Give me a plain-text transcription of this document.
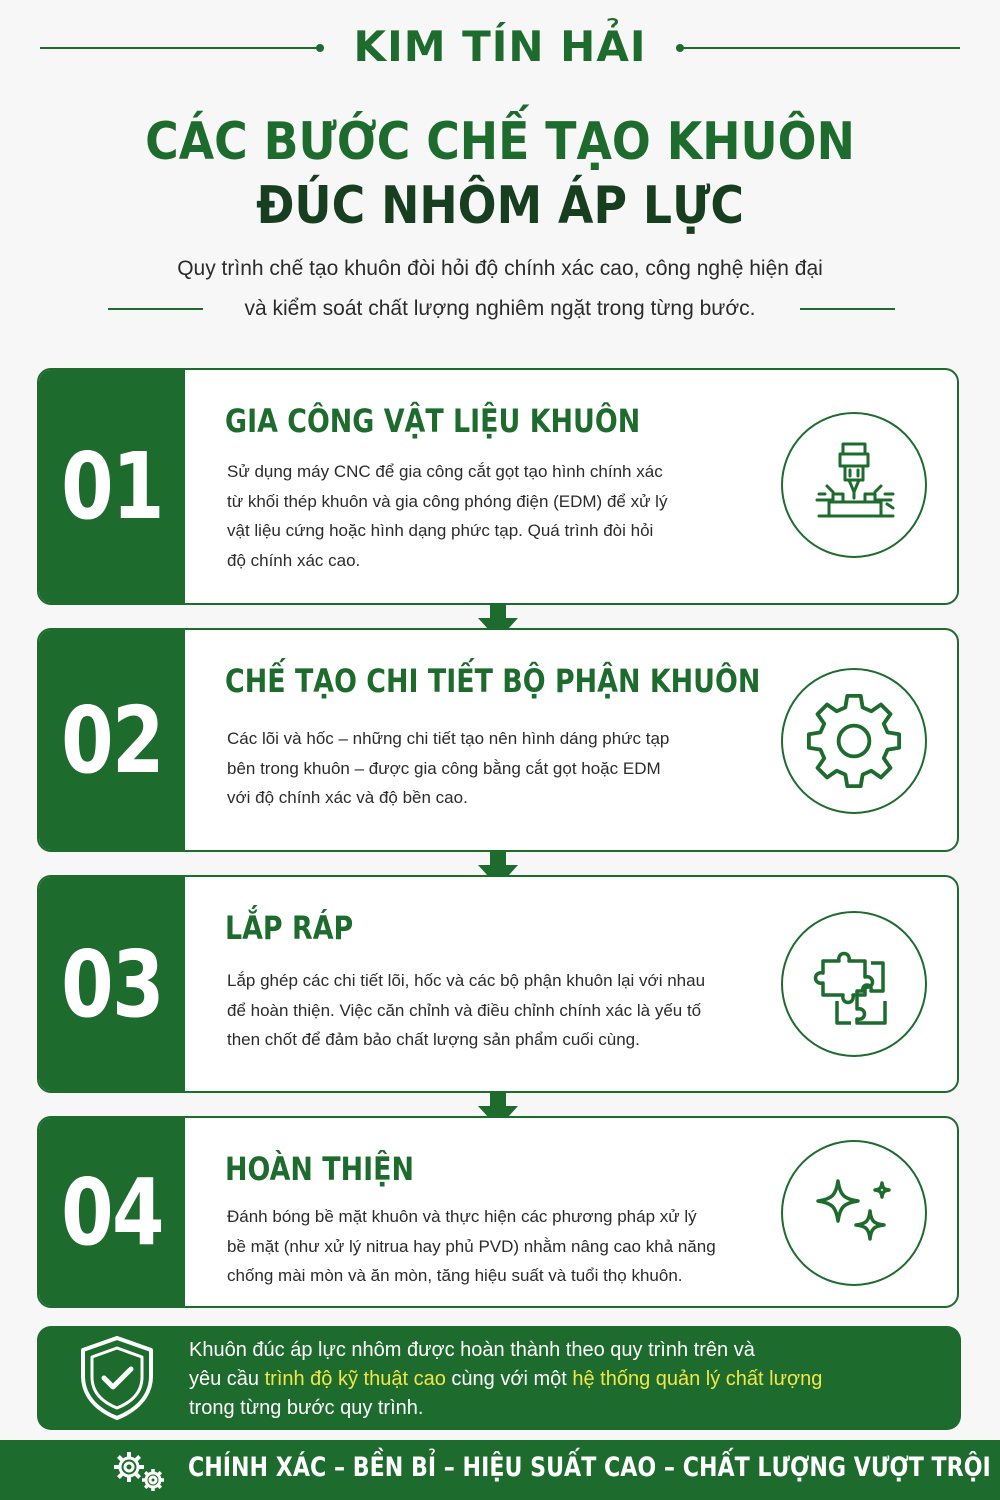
KIM TÍN HẢI
CÁC BƯỚC CHẾ TẠO KHUÔN
ĐÚC NHÔM ÁP LỰC
Quy trình chế tạo khuôn đòi hỏi độ chính xác cao, công nghệ hiện đại
và kiểm soát chất lượng nghiêm ngặt trong từng bước.
01
GIA CÔNG VẬT LIỆU KHUÔN
Sử dụng máy CNC để gia công cắt gọt tạo hình chính xác
từ khối thép khuôn và gia công phóng điện (EDM) để xử lý
vật liệu cứng hoặc hình dạng phức tạp. Quá trình đòi hỏi
độ chính xác cao.
02
CHẾ TẠO CHI TIẾT BỘ PHẬN KHUÔN
Các lõi và hốc – những chi tiết tạo nên hình dáng phức tạp
bên trong khuôn – được gia công bằng cắt gọt hoặc EDM
với độ chính xác và độ bền cao.
03
LẮP RÁP
Lắp ghép các chi tiết lõi, hốc và các bộ phận khuôn lại với nhau
để hoàn thiện. Việc căn chỉnh và điều chỉnh chính xác là yếu tố
then chốt để đảm bảo chất lượng sản phẩm cuối cùng.
04 HOÀN THIỆN
Đánh bóng bề mặt khuôn và thực hiện các phương pháp xử lý
bề mặt (như xử lý nitrua hay phủ PVD) nhằm nâng cao khả năng
chống mài mòn và ăn mòn, tăng hiệu suất và tuổi thọ khuôn.
Khuôn đúc áp lực nhôm được hoàn thành theo quy trình trên và
yêu cầu trình độ kỹ thuật cao cùng với một hệ thống quản lý chất lượng
trong từng bước quy trình.
CHÍNH XÁC – BỀN BỈ – HIỆU SUẤT CAO – CHẤT LƯỢNG VƯỢT TRỘI
